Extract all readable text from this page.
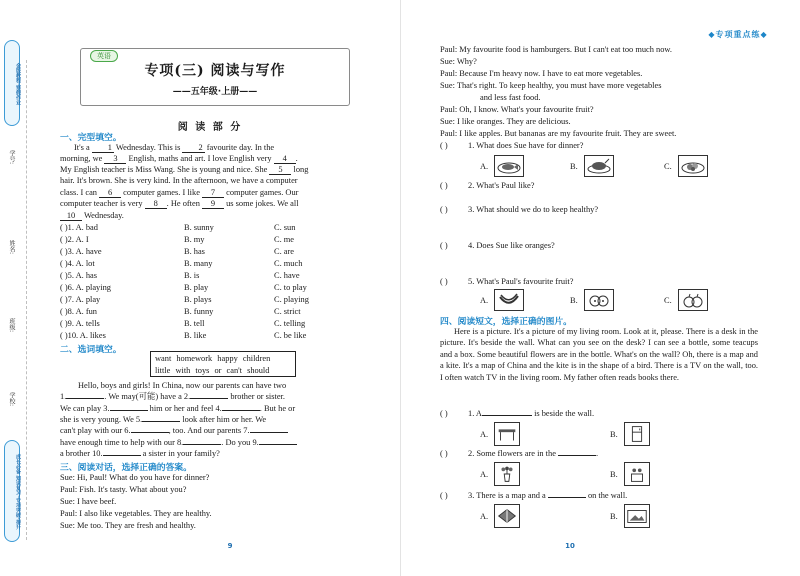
金版教程·寒假作业
学号:
姓名:
班级:
学校:
成长必备 知识复习·专项突破·提升
英语
专项(三) 阅读与写作
——五年级·上册——
阅 读 部 分
一、完型填空。
It's a 1 Wednesday. This is 2 favourite day. In the
morning, we 3 English, maths and art. I love English very 4 .
My English teacher is Miss Wang. She is young and nice. She 5 long
hair. It's brown. She is very kind. In the afternoon, we have a computer
class. I can 6 computer games. I like 7 computer games. Our
computer teacher is very 8 . He often 9 us some jokes. We all
10 Wednesday.
( )1. A. bad	B. sunny	C. sun
( )2. A. I	B. my	C. me
( )3. A. have	B. has	C. are
( )4. A. lot	B. many	C. much
( )5. A. has	B. is	C. have
( )6. A. playing	B. play	C. to play
( )7. A. play	B. plays	C. playing
( )8. A. fun	B. funny	C. strict
( )9. A. tells	B. tell	C. telling
( )10. A. likes	B. like	C. be like
二、选词填空。
want homework happy children
little with toys or can't should
Hello, boys and girls! In China, now our parents can have two
1.	. We may(可能) have a 2.	brother or sister.
We can play 3.	him or her and feel 4.	. But he or
she is very young. We 5.	look after him or her. We
can't play with our 6.	, too. And our parents 7.
have enough time to help with our 8.	. Do you 9.
a brother 10.	a sister in your family?
三、阅读对话，选择正确的答案。
Sue: Hi, Paul! What do you have for dinner?
Paul: Fish. It's tasty. What about you?
Sue: I have beef.
Paul: I also like vegetables. They are healthy.
Sue: Me too. They are fresh and healthy.
9
◆专项重点练◆
Paul: My favourite food is hamburgers. But I can't eat too much now.
Sue: Why?
Paul: Because I'm heavy now. I have to eat more vegetables.
Sue: That's right. To keep healthy, you must have more vegetables
and less fast food.
Paul: Oh, I know. What's your favourite fruit?
Sue: I like oranges. They are delicious.
Paul: I like apples. But bananas are my favourite fruit. They are sweet.
( ) 1. What does Sue have for dinner?
A.	B.	C.
( ) 2. What's Paul like?
( ) 3. What should we do to keep healthy?
( ) 4. Does Sue like oranges?
( ) 5. What's Paul's favourite fruit?
A.	B.	C.
四、阅读短文，选择正确的图片。
Here is a picture. It's a picture of my living room. Look at it, please. There is a desk in the picture. It's beside the wall. What can you see on the desk? I can see a bottle, some teacups and a box. Some beautiful flowers are in the bottle. What's on the wall? Oh, there is a map and a kite. It's a map of China and the kite is in the shape of a bird. There is a TV on the wall, too. I often watch TV in the living room. My father often reads books there.
( ) 1. A	is beside the wall.
A.	B.
( ) 2. Some flowers are in the	.
A.	B.
( ) 3. There is a map and a	on the wall.
A.	B.
10
